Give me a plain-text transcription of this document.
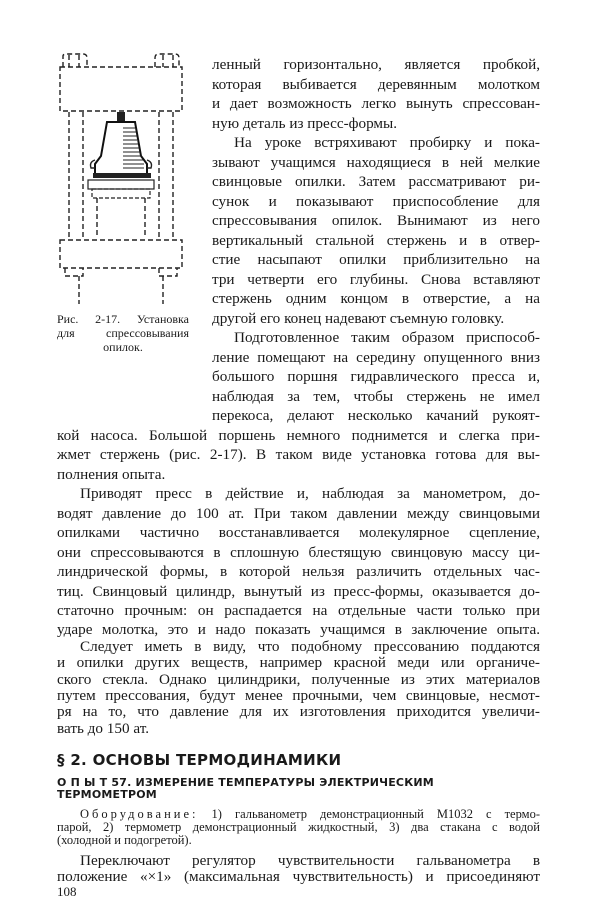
Рис. 2-17. Установка
для спрессовывания
опилок.
ленный горизонтально, является пробкой,
которая выбивается деревянным молотком
и дает возможность легко вынуть спрессован-
ную деталь из пресс-формы.
На уроке встряхивают пробирку и пока-
зывают учащимся находящиеся в ней мелкие
свинцовые опилки. Затем рассматривают ри-
сунок и показывают приспособление для
спрессовывания опилок. Вынимают из него
вертикальный стальной стержень и в отвер-
стие насыпают опилки приблизительно на
три четверти его глубины. Снова вставляют
стержень одним концом в отверстие, а на
другой его конец надевают съемную головку.
Подготовленное таким образом приспособ-
ление помещают на середину опущенного вниз
большого поршня гидравлического пресса и,
наблюдая за тем, чтобы стержень не имел
перекоса, делают несколько качаний рукоят-
кой насоса. Большой поршень немного поднимется и слегка при-
жмет стержень (рис. 2-17). В таком виде установка готова для вы-
полнения опыта.
Приводят пресс в действие и, наблюдая за манометром, до-
водят давление до 100 ат. При таком давлении между свинцовыми
опилками частично восстанавливается молекулярное сцепление,
они спрессовываются в сплошную блестящую свинцовую массу ци-
линдрической формы, в которой нельзя различить отдельных час-
тиц. Свинцовый цилиндр, вынутый из пресс-формы, оказывается до-
статочно прочным: он распадается на отдельные части только при
ударе молотка, это и надо показать учащимся в заключение опыта.
Следует иметь в виду, что подобному прессованию поддаются
и опилки других веществ, например красной меди или органиче-
ского стекла. Однако цилиндрики, полученные из этих материалов
путем прессования, будут менее прочными, чем свинцовые, несмот-
ря на то, что давление для их изготовления приходится увеличи-
вать до 150 ат.
§ 2. ОСНОВЫ ТЕРМОДИНАМИКИ
О П Ы Т 57. ИЗМЕРЕНИЕ ТЕМПЕРАТУРЫ ЭЛЕКТРИЧЕСКИМ
ТЕРМОМЕТРОМ
Оборудование: 1) гальванометр демонстрационный М1032 с термо-
парой, 2) термометр демонстрационный жидкостный, 3) два стакана с водой
(холодной и подогретой).
Переключают регулятор чувствительности гальванометра в
положение «×1» (максимальная чувствительность) и присоединяют
108
